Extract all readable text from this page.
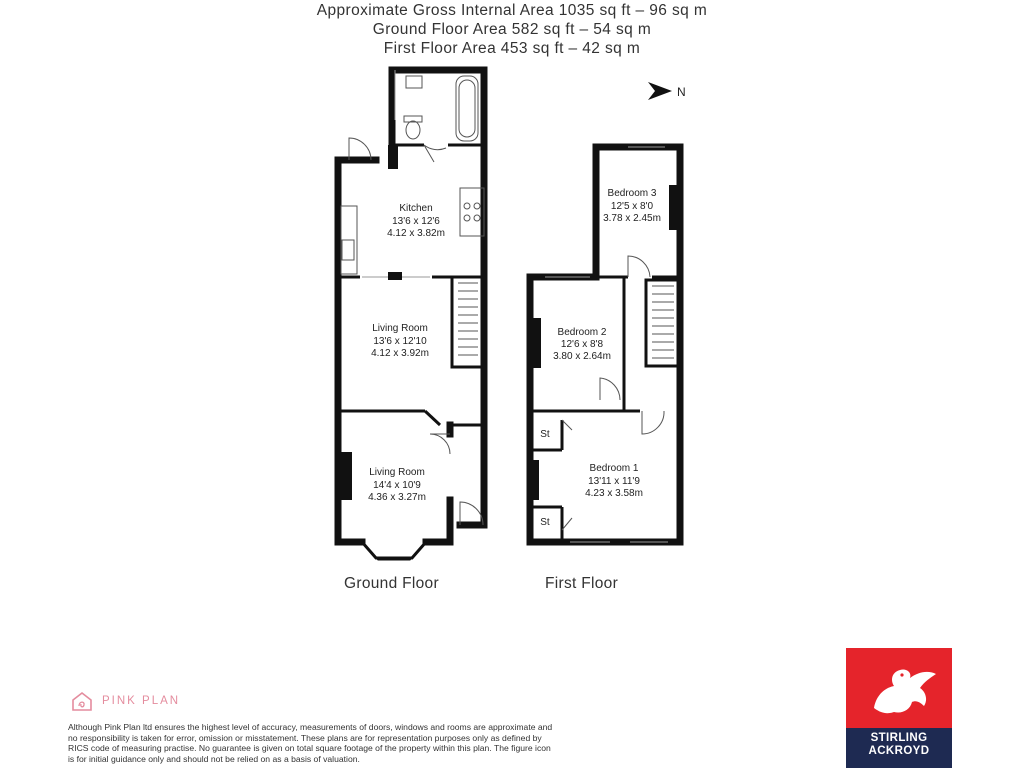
Approximate Gross Internal Area 1035 sq ft – 96 sq m
Ground Floor Area 582 sq ft – 54 sq m
First Floor Area 453 sq ft – 42 sq m
N
Kitchen
13'6 x 12'6
4.12 x 3.82m
Living Room
13'6 x 12'10
4.12 x 3.92m
Living Room
14'4 x 10'9
4.36 x 3.27m
Bedroom 3
12'5 x 8'0
3.78 x 2.45m
Bedroom 2
12'6 x 8'8
3.80 x 2.64m
Bedroom 1
13'11 x 11'9
4.23 x 3.58m
St
St
Ground Floor	First Floor
PINK PLAN
Although Pink Plan ltd ensures the highest level of accuracy, measurements of doors, windows and rooms are approximate and no responsibility is taken for error, omission or misstatement. These plans are for representation purposes only as defined by RICS code of measuring practise. No guarantee is given on total square footage of the property within this plan. The figure icon is for initial guidance only and should not be relied on as a basis of valuation.
STIRLING
ACKROYD
